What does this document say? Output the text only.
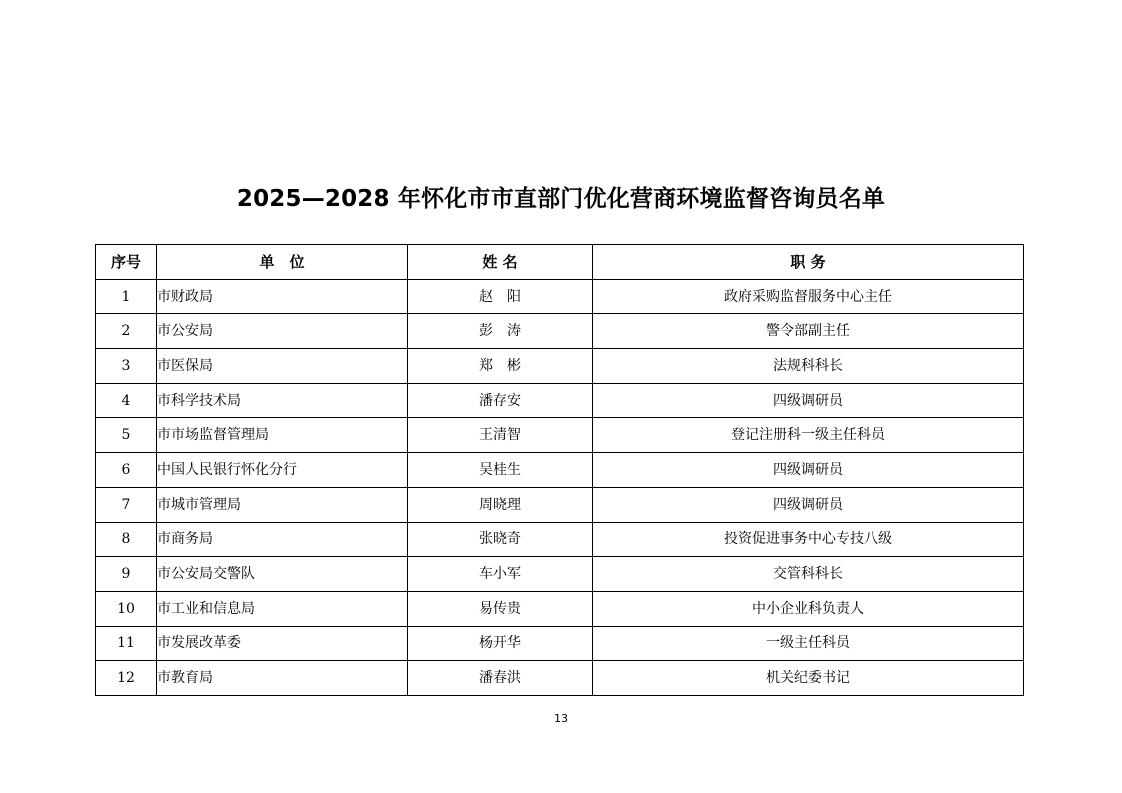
2025—2028 年怀化市市直部门优化营商环境监督咨询员名单
序号	单　位	姓 名	职 务
1	市财政局	赵　阳	政府采购监督服务中心主任
2	市公安局	彭　涛	警令部副主任
3	市医保局	郑　彬	法规科科长
4	市科学技术局	潘存安	四级调研员
5	市市场监督管理局	王清智	登记注册科一级主任科员
6	中国人民银行怀化分行	吴桂生	四级调研员
7	市城市管理局	周晓理	四级调研员
8	市商务局	张晓奇	投资促进事务中心专技八级
9	市公安局交警队	车小军	交管科科长
10	市工业和信息局	易传贵	中小企业科负责人
11	市发展改革委	杨开华	一级主任科员
12	市教育局	潘春洪	机关纪委书记
13
